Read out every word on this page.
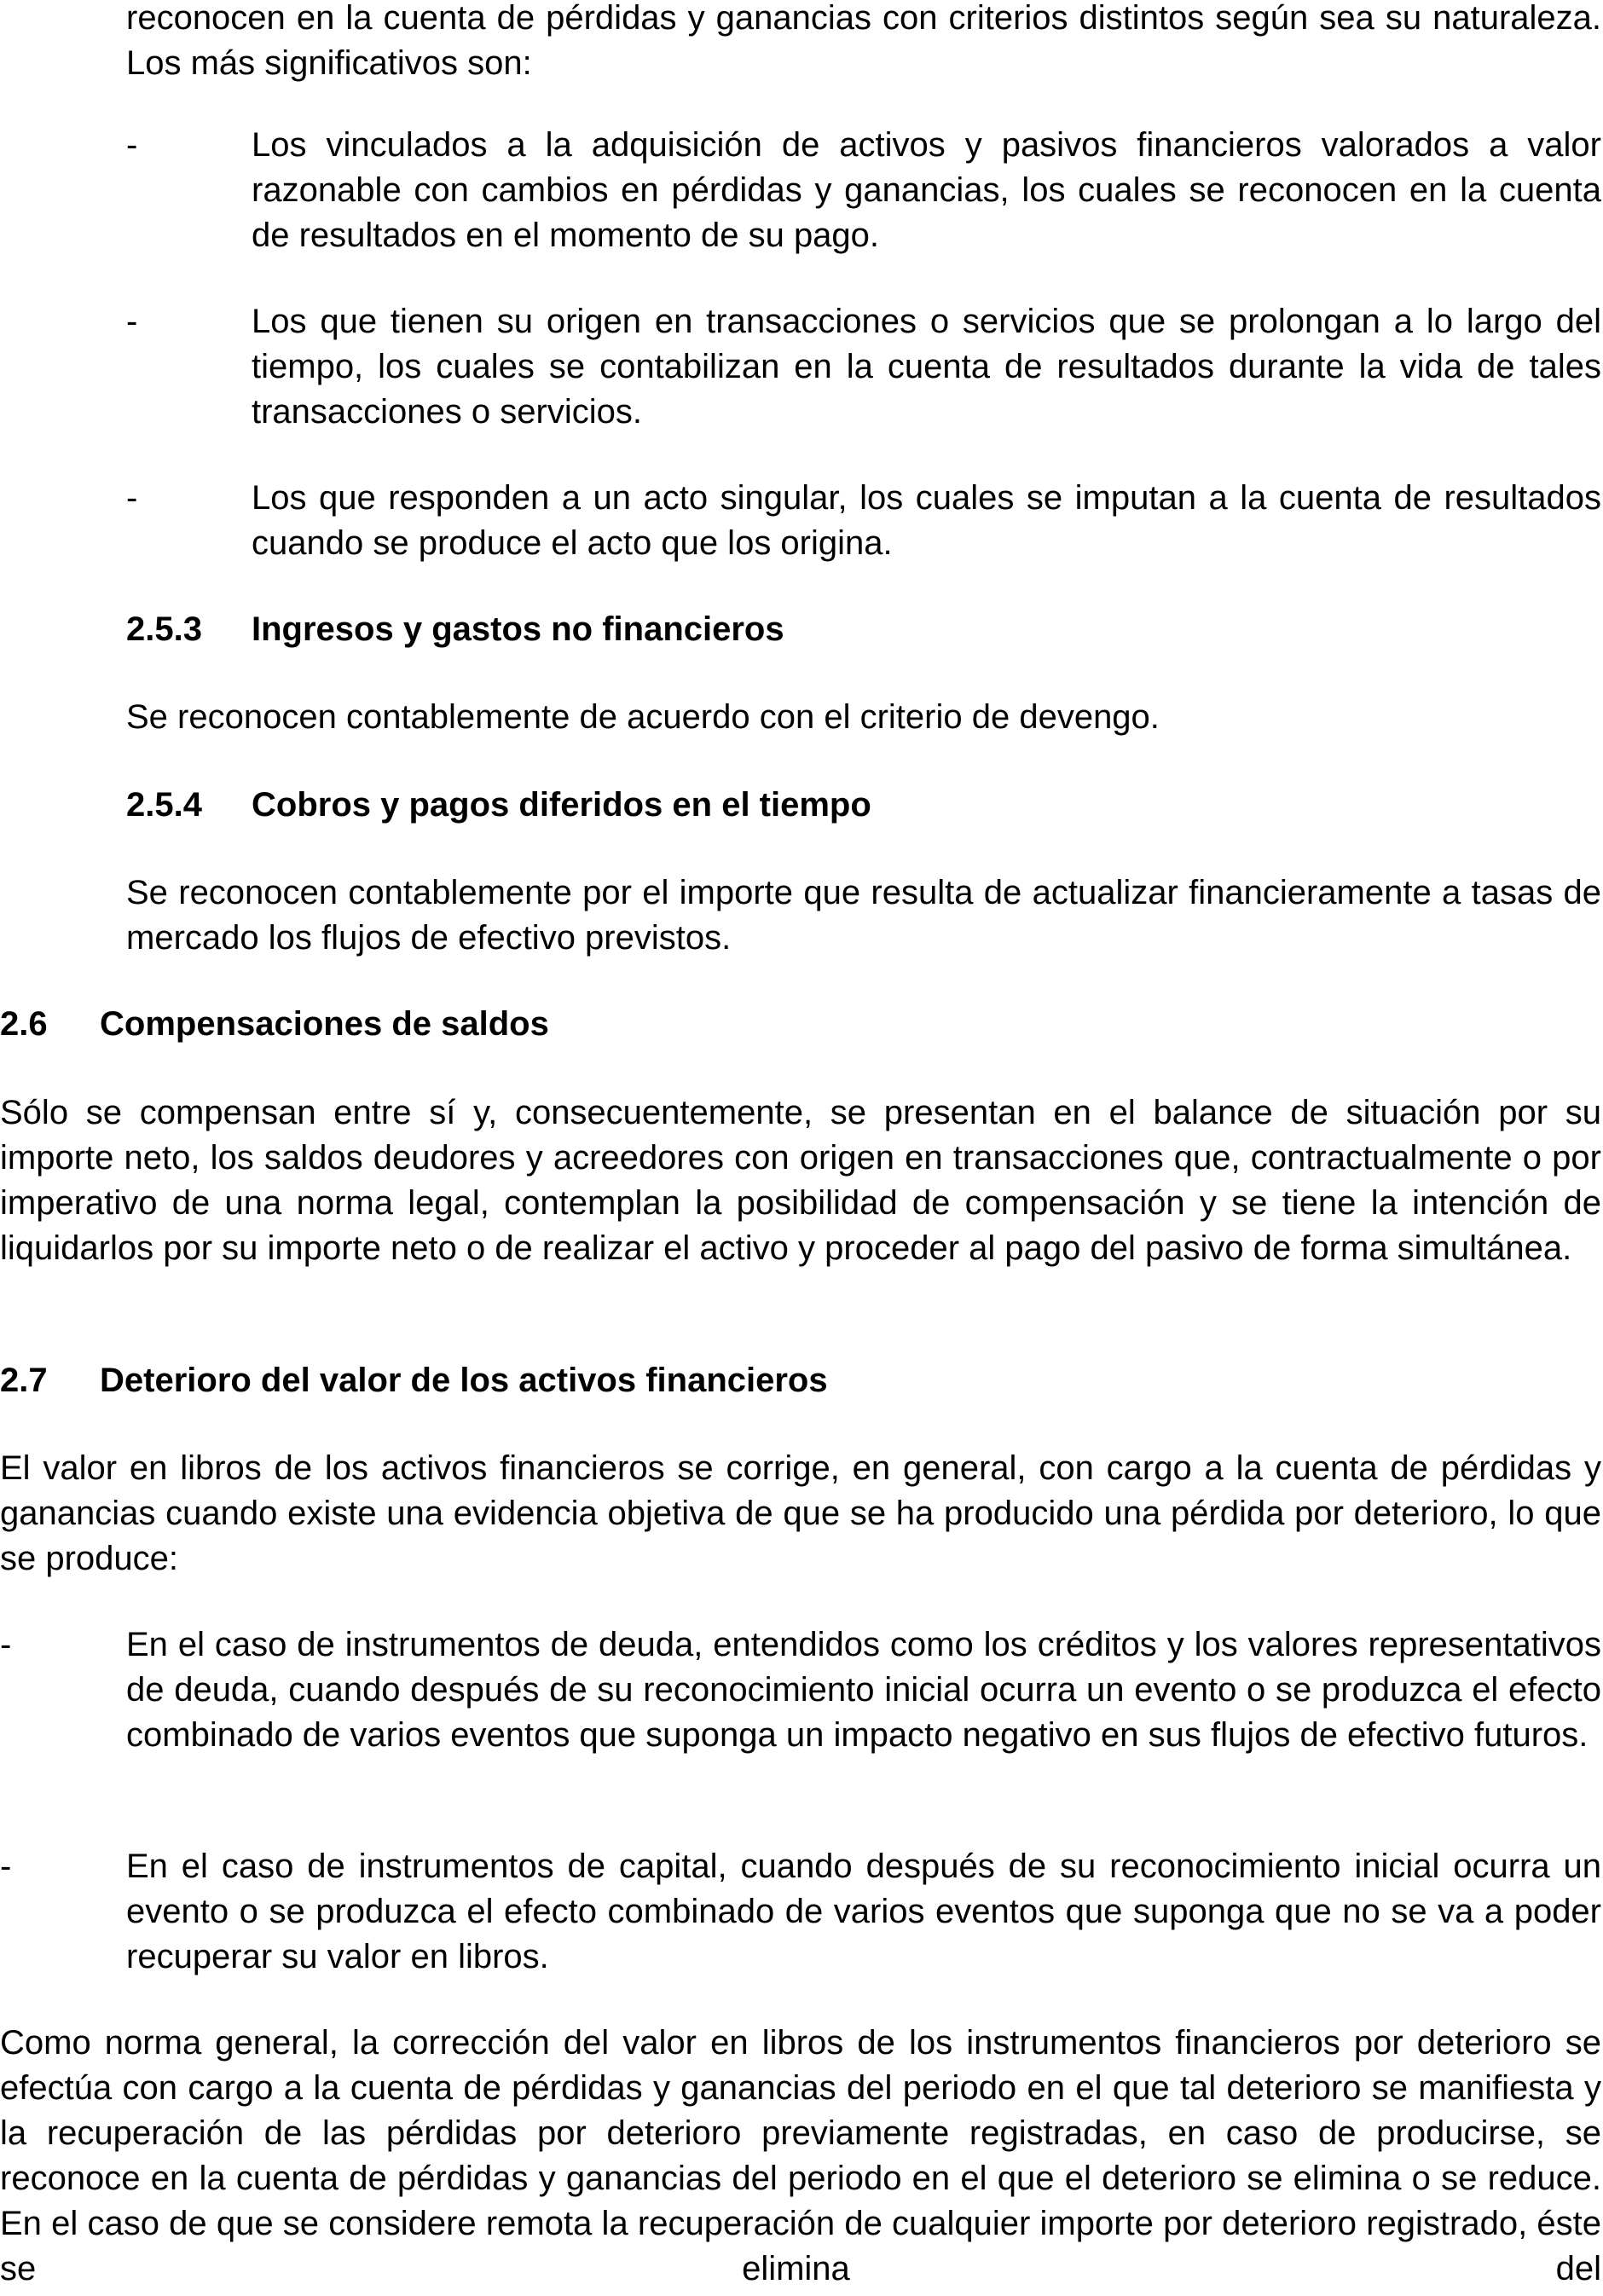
reconocen en la cuenta de pérdidas y ganancias con criterios distintos según sea su naturaleza. Los más significativos son:

-	Los vinculados a la adquisición de activos y pasivos financieros valorados a valor razonable con cambios en pérdidas y ganancias, los cuales se reconocen en la cuenta de resultados en el momento de su pago.

-	Los que tienen su origen en transacciones o servicios que se prolongan a lo largo del tiempo, los cuales se contabilizan en la cuenta de resultados durante la vida de tales transacciones o servicios.

-	Los que responden a un acto singular, los cuales se imputan a la cuenta de resultados cuando se produce el acto que los origina.

2.5.3 Ingresos y gastos no financieros

Se reconocen contablemente de acuerdo con el criterio de devengo.

2.5.4 Cobros y pagos diferidos en el tiempo

Se reconocen contablemente por el importe que resulta de actualizar financieramente a tasas de mercado los flujos de efectivo previstos.

2.6 Compensaciones de saldos

Sólo se compensan entre sí y, consecuentemente, se presentan en el balance de situación por su importe neto, los saldos deudores y acreedores con origen en transacciones que, contractualmente o por imperativo de una norma legal, contemplan la posibilidad de compensación y se tiene la intención de liquidarlos por su importe neto o de realizar el activo y proceder al pago del pasivo de forma simultánea.

2.7 Deterioro del valor de los activos financieros

El valor en libros de los activos financieros se corrige, en general, con cargo a la cuenta de pérdidas y ganancias cuando existe una evidencia objetiva de que se ha producido una pérdida por deterioro, lo que se produce:

-	En el caso de instrumentos de deuda, entendidos como los créditos y los valores representativos de deuda, cuando después de su reconocimiento inicial ocurra un evento o se produzca el efecto combinado de varios eventos que suponga un impacto negativo en sus flujos de efectivo futuros.

-	En el caso de instrumentos de capital, cuando después de su reconocimiento inicial ocurra un evento o se produzca el efecto combinado de varios eventos que suponga que no se va a poder recuperar su valor en libros.

Como norma general, la corrección del valor en libros de los instrumentos financieros por deterioro se efectúa con cargo a la cuenta de pérdidas y ganancias del periodo en el que tal deterioro se manifiesta y la recuperación de las pérdidas por deterioro previamente registradas, en caso de producirse, se reconoce en la cuenta de pérdidas y ganancias del periodo en el que el deterioro se elimina o se reduce. En el caso de que se considere remota la recuperación de cualquier importe por deterioro registrado, éste se elimina del
